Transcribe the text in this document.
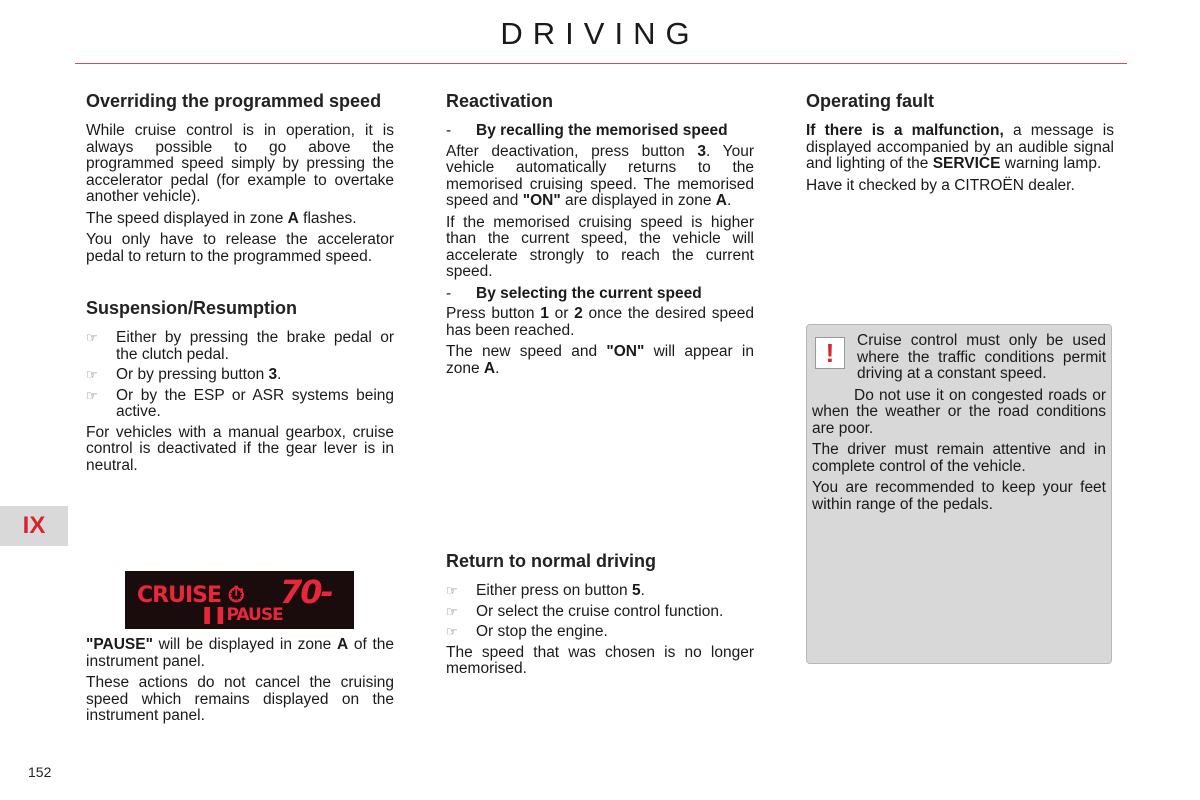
DRIVING
Overriding the programmed speed

While cruise control is in operation, it is always possible to go above the programmed speed simply by pressing the accelerator pedal (for example to overtake another vehicle).

The speed displayed in zone A flashes.

You only have to release the accelerator pedal to return to the programmed speed.

Suspension/Resumption
☞	Either by pressing the brake pedal or the clutch pedal.
☞	Or by pressing button 3.
☞	Or by the ESP or ASR systems being active.

For vehicles with a manual gearbox, cruise control is deactivated if the gear lever is in neutral.

CRUISE ⏱
❚❚PAUSE
70-

"PAUSE" will be displayed in zone A of the instrument panel.

These actions do not cancel the cruising speed which remains displayed on the instrument panel.

Reactivation
-	By recalling the memorised speed

After deactivation, press button 3. Your vehicle automatically returns to the memorised cruising speed. The memorised speed and "ON" are displayed in zone A.

If the memorised cruising speed is higher than the current speed, the vehicle will accelerate strongly to reach the current speed.

-	By selecting the current speed

Press button 1 or 2 once the desired speed has been reached.

The new speed and "ON" will appear in zone A.

Return to normal driving
☞	Either press on button 5.
☞	Or select the cruise control function.
☞	Or stop the engine.

The speed that was chosen is no longer memorised.

Operating fault

If there is a malfunction, a message is displayed accompanied by an audible signal and lighting of the SERVICE warning lamp.

Have it checked by a CITROËN dealer.

!	Cruise control must only be used where the traffic conditions permit driving at a constant speed.

Do not use it on congested roads or when the weather or the road conditions are poor.

The driver must remain attentive and in complete control of the vehicle.

You are recommended to keep your feet within range of the pedals.

IX
152
